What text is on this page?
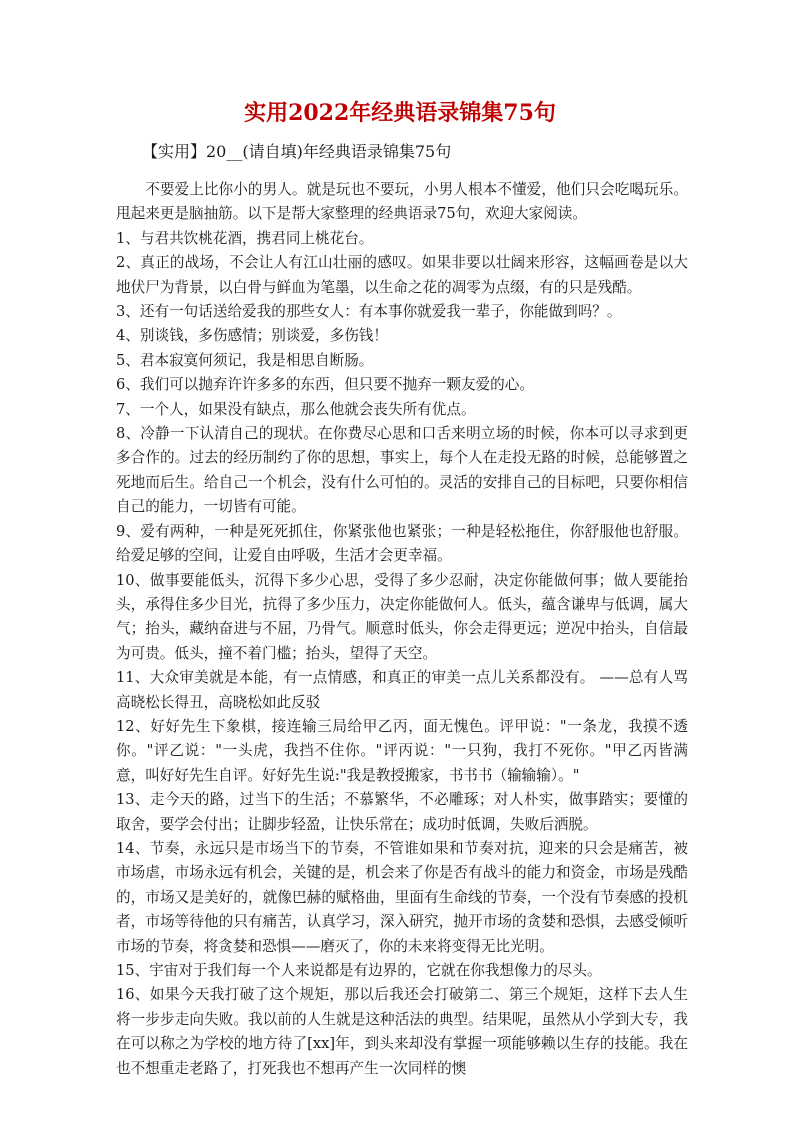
实用2022年经典语录锦集75句
【实用】20__(请自填)年经典语录锦集75句

不要爱上比你小的男人。就是玩也不要玩，小男人根本不懂爱，他们只会吃喝玩乐。甩起来更是脑抽筋。以下是帮大家整理的经典语录75句，欢迎大家阅读。

1、与君共饮桃花酒，携君同上桃花台。

2、真正的战场，不会让人有江山壮丽的感叹。如果非要以壮阔来形容，这幅画卷是以大地伏尸为背景，以白骨与鲜血为笔墨，以生命之花的凋零为点缀，有的只是残酷。

3、还有一句话送给爱我的那些女人：有本事你就爱我一辈子，你能做到吗？。

4、别谈钱，多伤感情；别谈爱，多伤钱！

5、君本寂寞何须记，我是相思自断肠。

6、我们可以抛弃许许多多的东西，但只要不抛弃一颗友爱的心。

7、一个人，如果没有缺点，那么他就会丧失所有优点。

8、冷静一下认清自己的现状。在你费尽心思和口舌来明立场的时候，你本可以寻求到更多合作的。过去的经历制约了你的思想，事实上，每个人在走投无路的时候，总能够置之死地而后生。给自己一个机会，没有什么可怕的。灵活的安排自己的目标吧，只要你相信自己的能力，一切皆有可能。

9、爱有两种，一种是死死抓住，你紧张他也紧张；一种是轻松拖住，你舒服他也舒服。给爱足够的空间，让爱自由呼吸，生活才会更幸福。

10、做事要能低头，沉得下多少心思，受得了多少忍耐，决定你能做何事；做人要能抬头，承得住多少目光，抗得了多少压力，决定你能做何人。低头，蕴含谦卑与低调，属大气；抬头，藏纳奋进与不屈，乃骨气。顺意时低头，你会走得更远；逆况中抬头，自信最为可贵。低头，撞不着门槛；抬头，望得了天空。

11、大众审美就是本能，有一点情感，和真正的审美一点儿关系都没有。 ——总有人骂高晓松长得丑，高晓松如此反驳

12、好好先生下象棋，接连输三局给甲乙丙，面无愧色。评甲说："一条龙，我摸不透你。"评乙说："一头虎，我挡不住你。"评丙说："一只狗，我打不死你。"甲乙丙皆满意，叫好好先生自评。好好先生说:"我是教授搬家，书书书（输输输）。"

13、走今天的路，过当下的生活；不慕繁华，不必雕琢；对人朴实，做事踏实；要懂的取舍，要学会付出；让脚步轻盈，让快乐常在；成功时低调，失败后洒脱。

14、节奏，永远只是市场当下的节奏，不管谁如果和节奏对抗，迎来的只会是痛苦，被市场虐，市场永远有机会，关键的是，机会来了你是否有战斗的能力和资金，市场是残酷的，市场又是美好的，就像巴赫的赋格曲，里面有生命线的节奏，一个没有节奏感的投机者，市场等待他的只有痛苦，认真学习，深入研究，抛开市场的贪婪和恐惧，去感受倾听市场的节奏，将贪婪和恐惧——磨灭了，你的未来将变得无比光明。

15、宇宙对于我们每一个人来说都是有边界的，它就在你我想像力的尽头。

16、如果今天我打破了这个规矩，那以后我还会打破第二、第三个规矩，这样下去人生将一步步走向失败。我以前的人生就是这种活法的典型。结果呢，虽然从小学到大专，我在可以称之为学校的地方待了[xx]年，到头来却没有掌握一项能够赖以生存的技能。我在也不想重走老路了，打死我也不想再产生一次同样的懊
